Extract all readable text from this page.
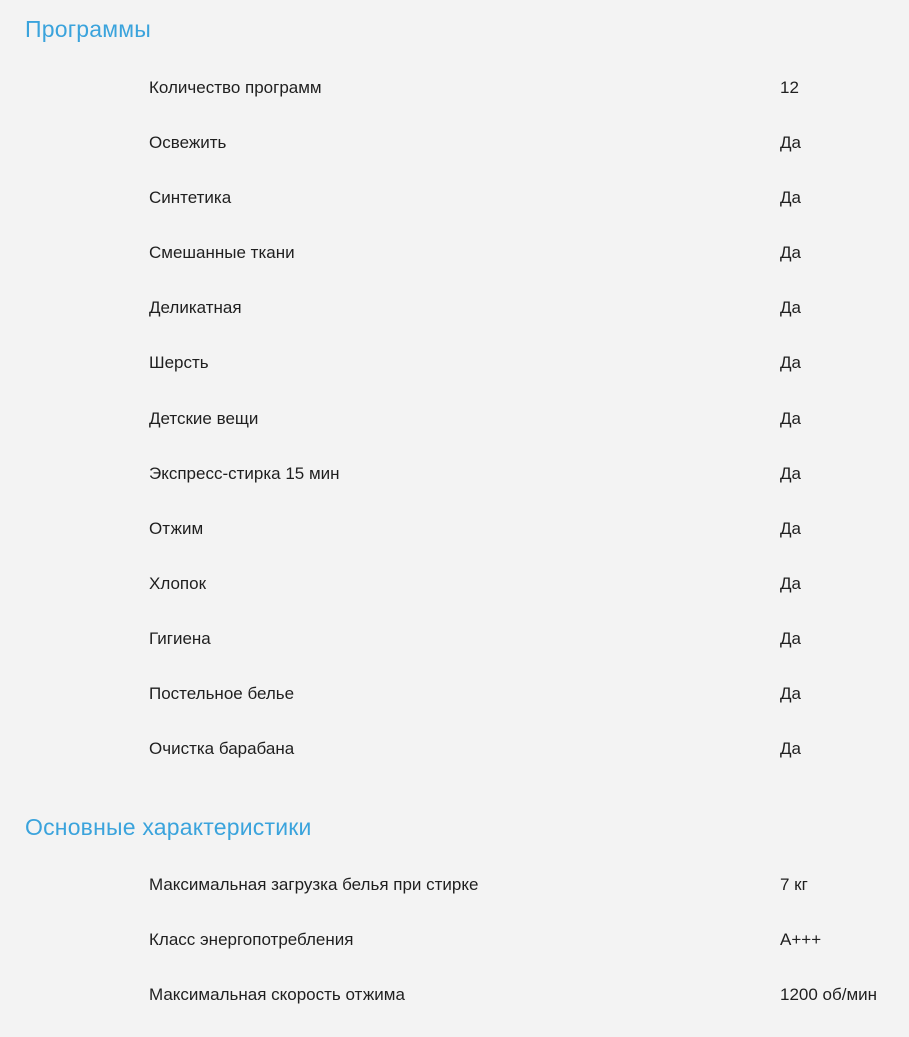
Программы
Количество программ	12
Освежить	Да
Синтетика	Да
Смешанные ткани	Да
Деликатная	Да
Шерсть	Да
Детские вещи	Да
Экспресс-стирка 15 мин	Да
Отжим	Да
Хлопок	Да
Гигиена	Да
Постельное белье	Да
Очистка барабана	Да
Основные характеристики
Максимальная загрузка белья при стирке	7 кг
Класс энергопотребления	A+++
Максимальная скорость отжима	1200 об/мин
